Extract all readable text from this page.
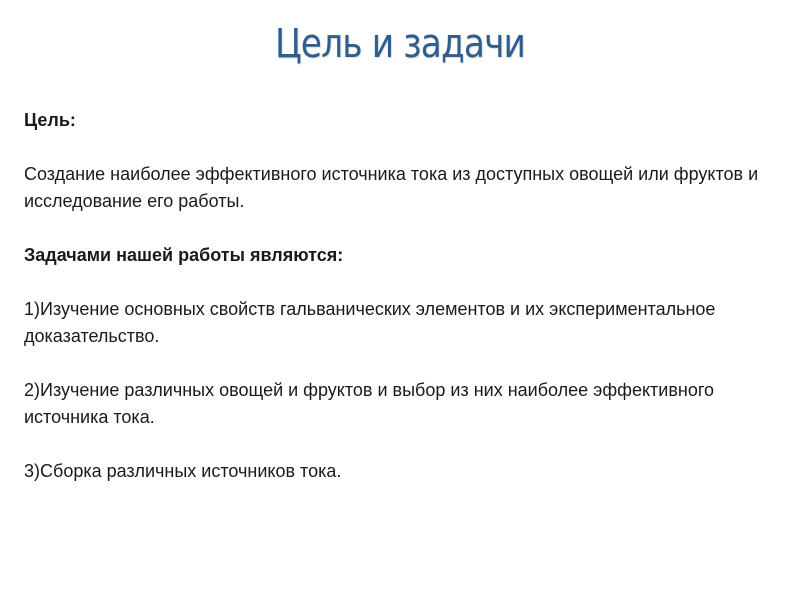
Цель и задачи

Цель:

Создание наиболее эффективного источника тока из доступных овощей или фруктов и исследование его работы.

Задачами нашей работы являются:

1)Изучение основных свойств гальванических элементов и их экспериментальное доказательство.

2)Изучение различных овощей и фруктов и выбор из них наиболее эффективного источника тока.

3)Сборка различных источников тока.
